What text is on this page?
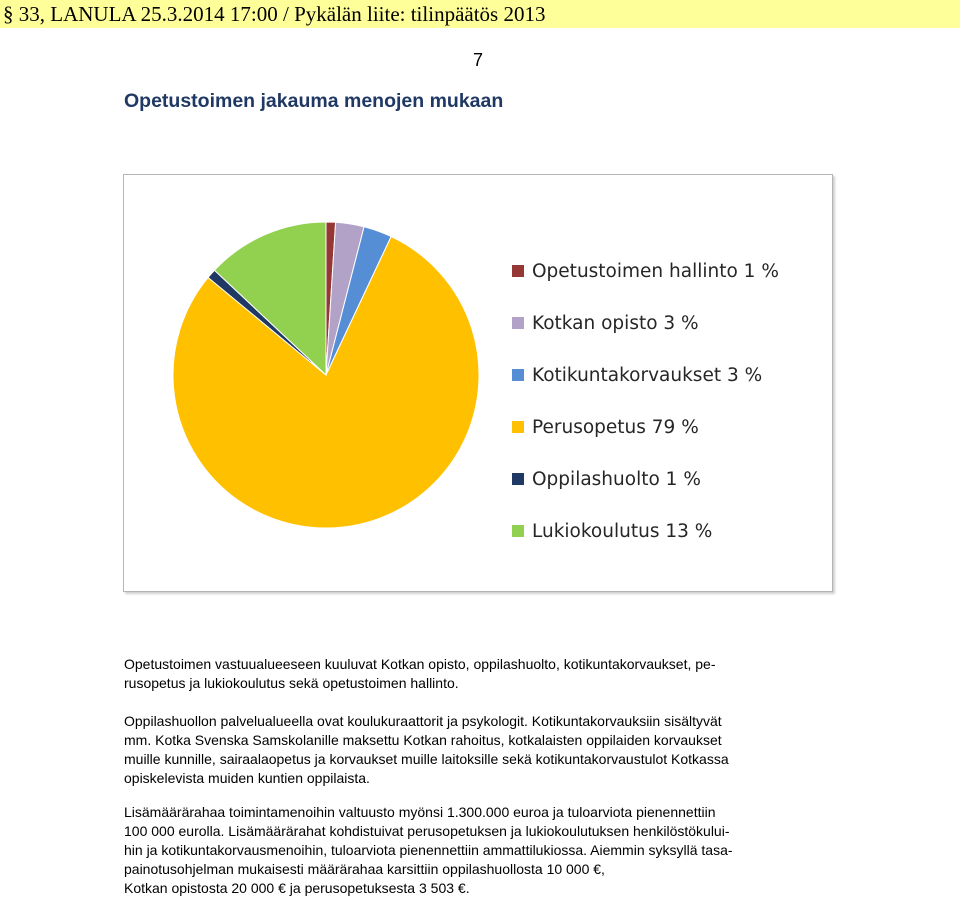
§ 33, LANULA 25.3.2014 17:00 / Pykälän liite: tilinpäätös 2013
7
Opetustoimen jakauma menojen mukaan
Opetustoimen hallinto 1 %
Kotkan opisto 3 %
Kotikuntakorvaukset 3 %
Perusopetus 79 %
Oppilashuolto 1 %
Lukiokoulutus 13 %

Opetustoimen vastuualueeseen kuuluvat Kotkan opisto, oppilashuolto, kotikuntakorvaukset, pe-
rusopetus ja lukiokoulutus sekä opetustoimen hallinto.

Oppilashuollon palvelualueella ovat koulukuraattorit ja psykologit. Kotikuntakorvauksiin sisältyvät
mm. Kotka Svenska Samskolanille maksettu Kotkan rahoitus, kotkalaisten oppilaiden korvaukset
muille kunnille, sairaalaopetus ja korvaukset muille laitoksille sekä kotikuntakorvaustulot Kotkassa
opiskelevista muiden kuntien oppilaista.

Lisämäärärahaa toimintamenoihin valtuusto myönsi 1.300.000 euroa ja tuloarviota pienennettiin
100 000 eurolla. Lisämäärärahat kohdistuivat perusopetuksen ja lukiokoulutuksen henkilöstökului-
hin ja kotikuntakorvausmenoihin, tuloarviota pienennettiin ammattilukiossa. Aiemmin syksyllä tasa-
painotusohjelman mukaisesti määrärahaa karsittiin oppilashuollosta 10 000 €,
Kotkan opistosta 20 000 € ja perusopetuksesta 3 503 €.
